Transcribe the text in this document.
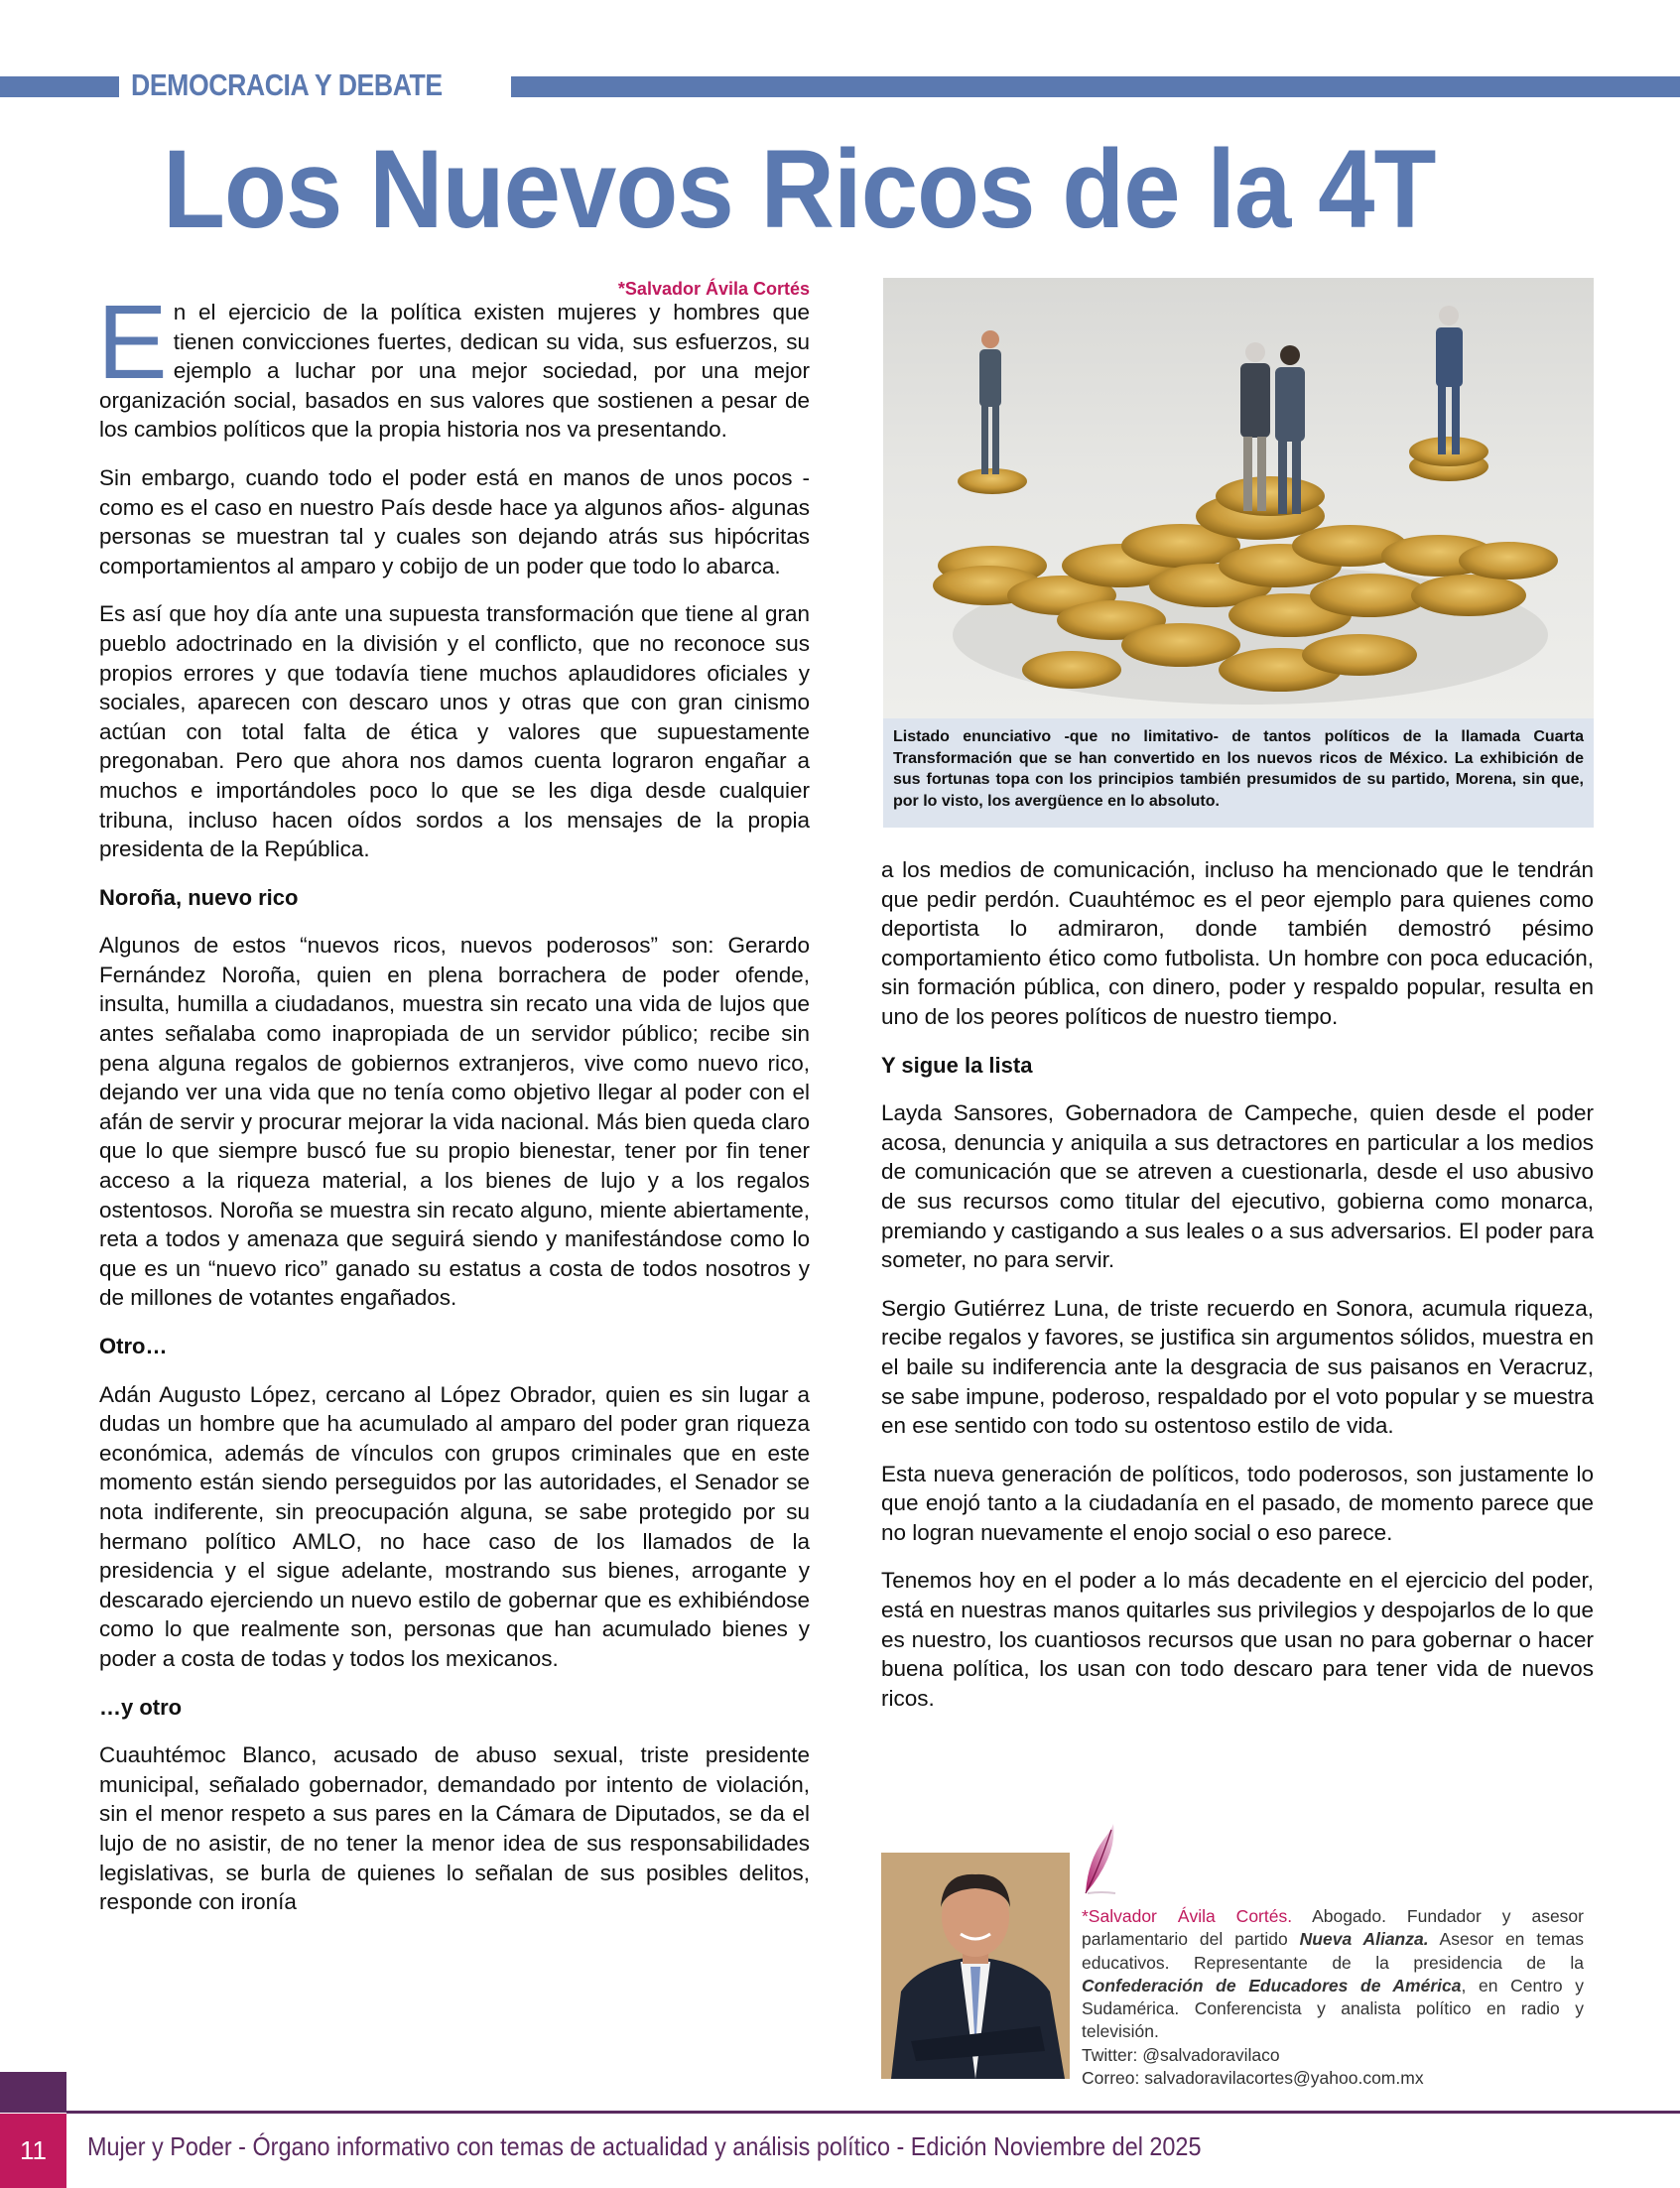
DEMOCRACIA Y DEBATE
Los Nuevos Ricos de la 4T
*Salvador Ávila Cortés

En el ejercicio de la política existen mujeres y hombres que tienen convicciones fuertes, dedican su vida, sus esfuerzos, su ejemplo a luchar por una mejor sociedad, por una mejor organización social, basados en sus valores que sostienen a pesar de los cambios políticos que la propia historia nos va presentando.

Sin embargo, cuando todo el poder está en manos de unos pocos -como es el caso en nuestro País desde hace ya algunos años- algunas personas se muestran tal y cuales son dejando atrás sus hipócritas comportamientos al amparo y cobijo de un poder que todo lo abarca.

Es así que hoy día ante una supuesta transformación que tiene al gran pueblo adoctrinado en la división y el conflicto, que no reconoce sus propios errores y que todavía tiene muchos aplaudidores oficiales y sociales, aparecen con descaro unos y otras que con gran cinismo actúan con total falta de ética y valores que supuestamente pregonaban. Pero que ahora nos damos cuenta lograron engañar a muchos e importándoles poco lo que se les diga desde cualquier tribuna, incluso hacen oídos sordos a los mensajes de la propia presidenta de la República.

Noroña, nuevo rico

Algunos de estos “nuevos ricos, nuevos poderosos” son: Gerardo Fernández Noroña, quien en plena borrachera de poder ofende, insulta, humilla a ciudadanos, muestra sin recato una vida de lujos que antes señalaba como inapropiada de un servidor público; recibe sin pena alguna regalos de gobiernos extranjeros, vive como nuevo rico, dejando ver una vida que no tenía como objetivo llegar al poder con el afán de servir y procurar mejorar la vida nacional. Más bien queda claro que lo que siempre buscó fue su propio bienestar, tener por fin tener acceso a la riqueza material, a los bienes de lujo y a los regalos ostentosos. Noroña se muestra sin recato alguno, miente abiertamente, reta a todos y amenaza que seguirá siendo y manifestándose como lo que es un “nuevo rico” ganado su estatus a costa de todos nosotros y de millones de votantes engañados.

Otro…

Adán Augusto López, cercano al López Obrador, quien es sin lugar a dudas un hombre que ha acumulado al amparo del poder gran riqueza económica, además de vínculos con grupos criminales que en este momento están siendo perseguidos por las autoridades, el Senador se nota indiferente, sin preocupación alguna, se sabe protegido por su hermano político AMLO, no hace caso de los llamados de la presidencia y el sigue adelante, mostrando sus bienes, arrogante y descarado ejerciendo un nuevo estilo de gobernar que es exhibiéndose como lo que realmente son, personas que han acumulado bienes y poder a costa de todas y todos los mexicanos.

…y otro

Cuauhtémoc Blanco, acusado de abuso sexual, triste presidente municipal, señalado gobernador, demandado por intento de violación, sin el menor respeto a sus pares en la Cámara de Diputados, se da el lujo de no asistir, de no tener la menor idea de sus responsabilidades legislativas, se burla de quienes lo señalan de sus posibles delitos, responde con ironía

Listado enunciativo -que no limitativo- de tantos políticos de la llamada Cuarta Transformación que se han convertido en los nuevos ricos de México. La exhibición de sus fortunas topa con los principios también presumidos de su partido, Morena, sin que, por lo visto, los avergüence en lo absoluto.

a los medios de comunicación, incluso ha mencionado que le tendrán que pedir perdón. Cuauhtémoc es el peor ejemplo para quienes como deportista lo admiraron, donde también demostró pésimo comportamiento ético como futbolista. Un hombre con poca educación, sin formación pública, con dinero, poder y respaldo popular, resulta en uno de los peores políticos de nuestro tiempo.

Y sigue la lista

Layda Sansores, Gobernadora de Campeche, quien desde el poder acosa, denuncia y aniquila a sus detractores en particular a los medios de comunicación que se atreven a cuestionarla, desde el uso abusivo de sus recursos como titular del ejecutivo, gobierna como monarca, premiando y castigando a sus leales o a sus adversarios. El poder para someter, no para servir.

Sergio Gutiérrez Luna, de triste recuerdo en Sonora, acumula riqueza, recibe regalos y favores, se justifica sin argumentos sólidos, muestra en el baile su indiferencia ante la desgracia de sus paisanos en Veracruz, se sabe impune, poderoso, respaldado por el voto popular y se muestra en ese sentido con todo su ostentoso estilo de vida.

Esta nueva generación de políticos, todo poderosos, son justamente lo que enojó tanto a la ciudadanía en el pasado, de momento parece que no logran nuevamente el enojo social o eso parece.

Tenemos hoy en el poder a lo más decadente en el ejercicio del poder, está en nuestras manos quitarles sus privilegios y despojarlos de lo que es nuestro, los cuantiosos recursos que usan no para gobernar o hacer buena política, los usan con todo descaro para tener vida de nuevos ricos.

*Salvador Ávila Cortés. Abogado. Fundador y asesor parlamentario del partido Nueva Alianza. Asesor en temas educativos. Representante de la presidencia de la Confederación de Educadores de América, en Centro y Sudamérica. Conferencista y analista político en radio y televisión.
Twitter: @salvadoravilaco
Correo: salvadoravilacortes@yahoo.com.mx
11	Mujer y Poder - Órgano informativo con temas de actualidad y análisis político - Edición Noviembre del 2025
